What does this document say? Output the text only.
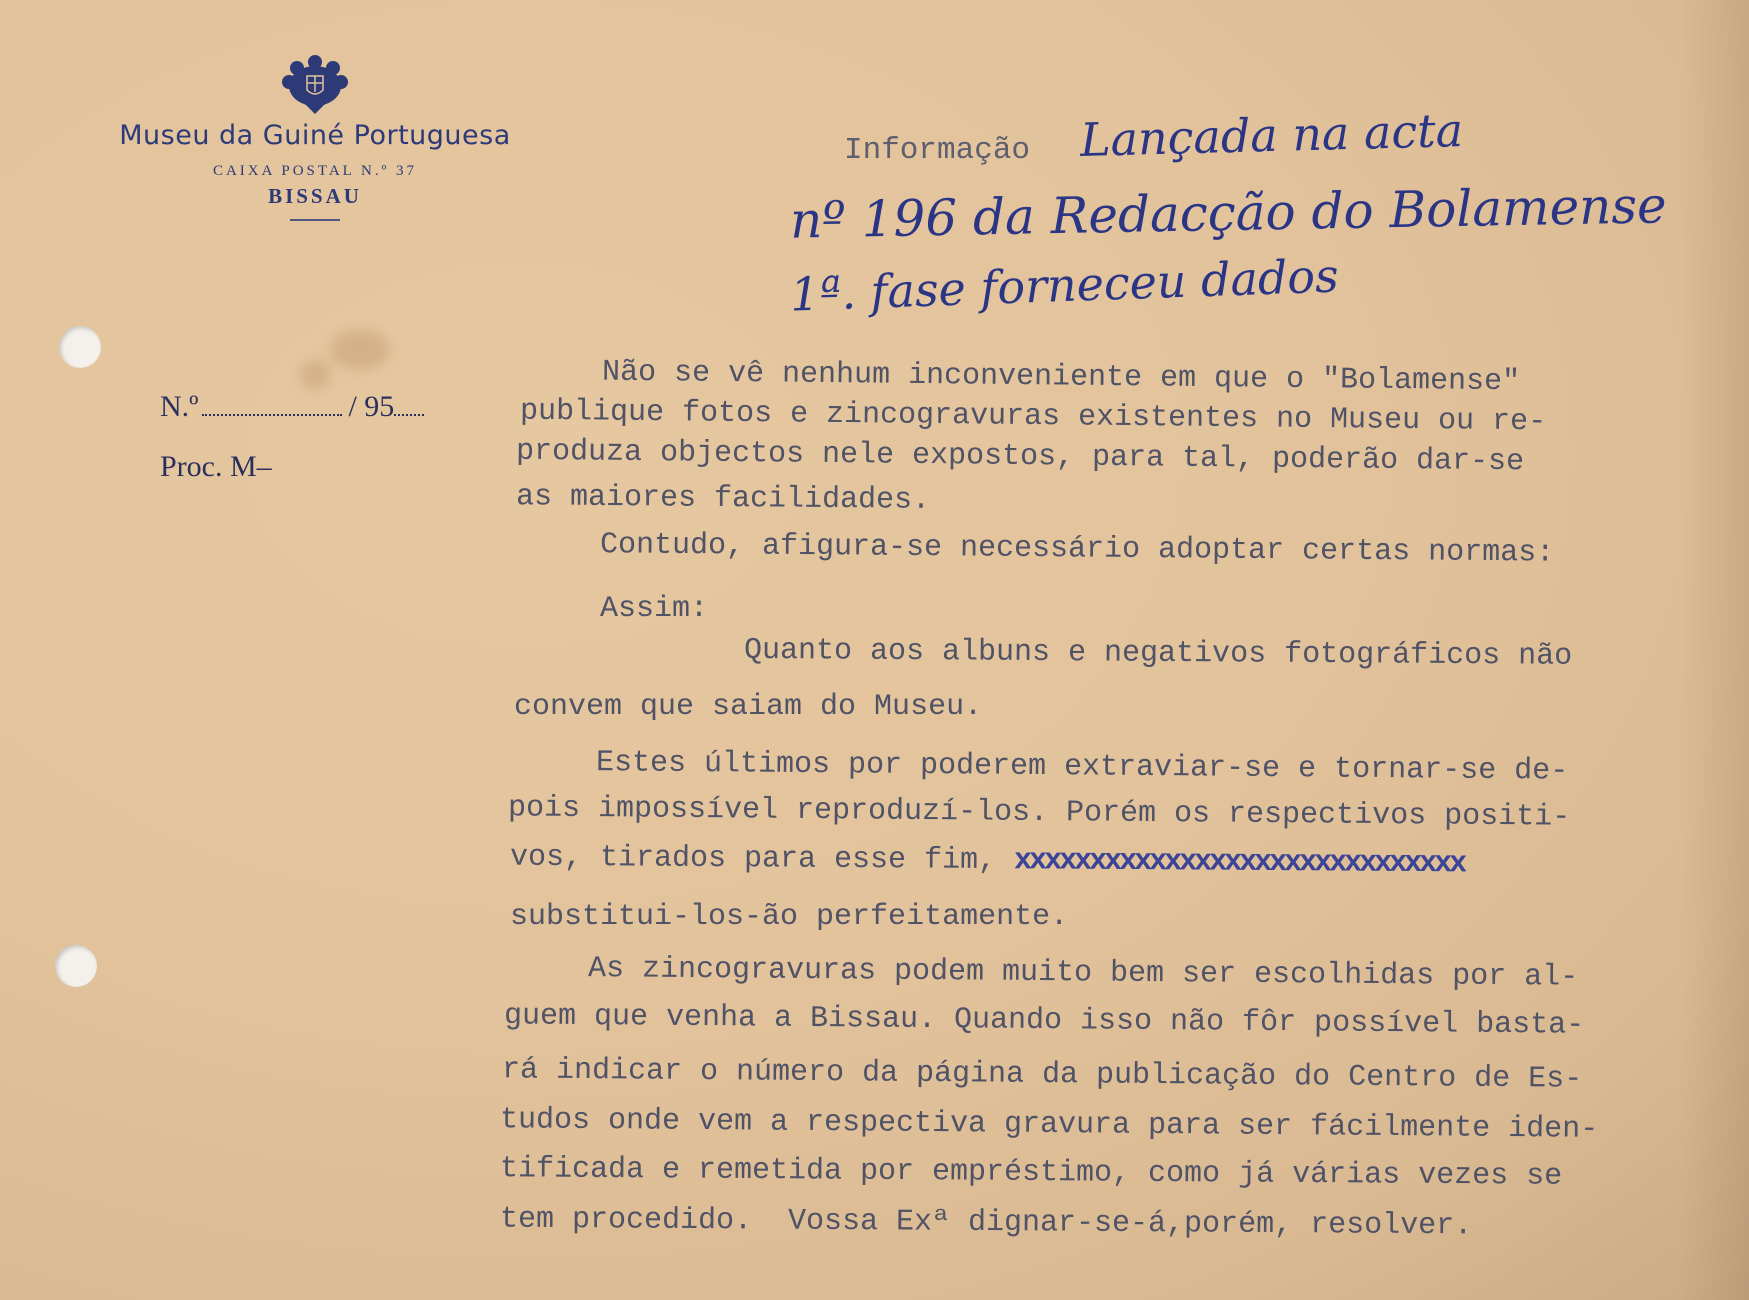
Museu da Guiné Portuguesa
CAIXA POSTAL N.º 37
BISSAU
N.º	/ 95
Proc. M–
Informação Lançada na acta
nº 196 da Redacção do Bolamense
1ª. fase forneceu dados
Não se vê nenhum inconveniente em que o "Bolamense"
publique fotos e zincogravuras existentes no Museu ou re-
produza objectos nele expostos, para tal, poderão dar-se
as maiores facilidades.
Contudo, afigura-se necessário adoptar certas normas:
Assim:
Quanto aos albuns e negativos fotográficos não
convem que saiam do Museu.
Estes últimos por poderem extraviar-se e tornar-se de-
pois impossível reproduzí-los. Porém os respectivos positi-
vos, tirados para esse fim, xxxxxxxxxxxxxxxxxxxxxxxxxxxxxx
substitui-los-ão perfeitamente.
As zincogravuras podem muito bem ser escolhidas por al-
guem que venha a Bissau. Quando isso não fôr possível basta-
rá indicar o número da página da publicação do Centro de Es-
tudos onde vem a respectiva gravura para ser fácilmente iden-
tificada e remetida por empréstimo, como já várias vezes se
tem procedido.  Vossa Exª dignar-se-á,porém, resolver.
